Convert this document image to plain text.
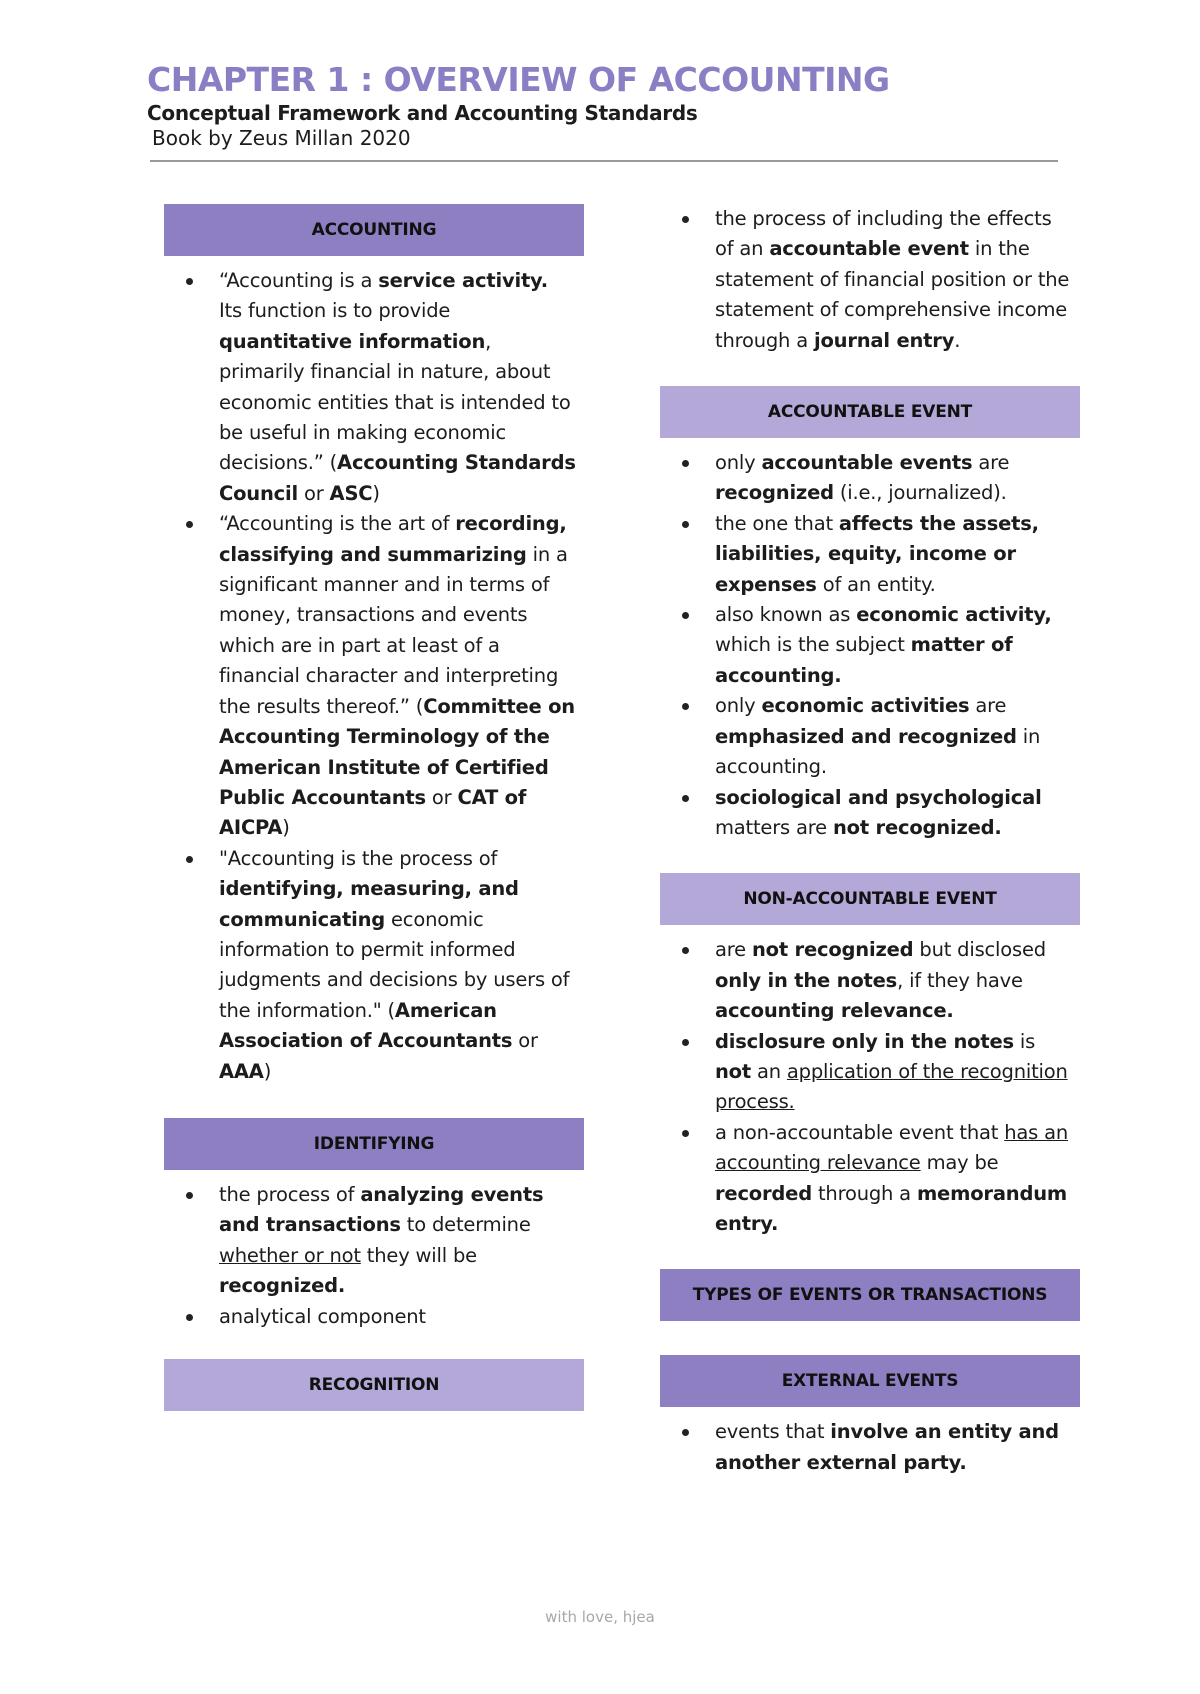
CHAPTER 1 : OVERVIEW OF ACCOUNTING
Conceptual Framework and Accounting Standards
Book by Zeus Millan 2020
ACCOUNTING
“Accounting is a service activity. Its function is to provide quantitative information, primarily financial in nature, about economic entities that is intended to be useful in making economic decisions.” (Accounting Standards Council or ASC)
“Accounting is the art of recording, classifying and summarizing in a significant manner and in terms of money, transactions and events which are in part at least of a financial character and interpreting the results thereof.” (Committee on Accounting Terminology of the American Institute of Certified Public Accountants or CAT of AICPA)
"Accounting is the process of identifying, measuring, and communicating economic information to permit informed judgments and decisions by users of the information." (American Association of Accountants or AAA)
IDENTIFYING
the process of analyzing events and transactions to determine whether or not they will be recognized.
analytical component
RECOGNITION
the process of including the effects of an accountable event in the statement of financial position or the statement of comprehensive income through a journal entry.
ACCOUNTABLE EVENT
only accountable events are recognized (i.e., journalized).
the one that affects the assets, liabilities, equity, income or expenses of an entity.
also known as economic activity, which is the subject matter of accounting.
only economic activities are emphasized and recognized in accounting.
sociological and psychological matters are not recognized.
NON-ACCOUNTABLE EVENT
are not recognized but disclosed only in the notes, if they have accounting relevance.
disclosure only in the notes is not an application of the recognition process.
a non-accountable event that has an accounting relevance may be recorded through a memorandum entry.
TYPES OF EVENTS OR TRANSACTIONS
EXTERNAL EVENTS
events that involve an entity and another external party.
with love, hjea
